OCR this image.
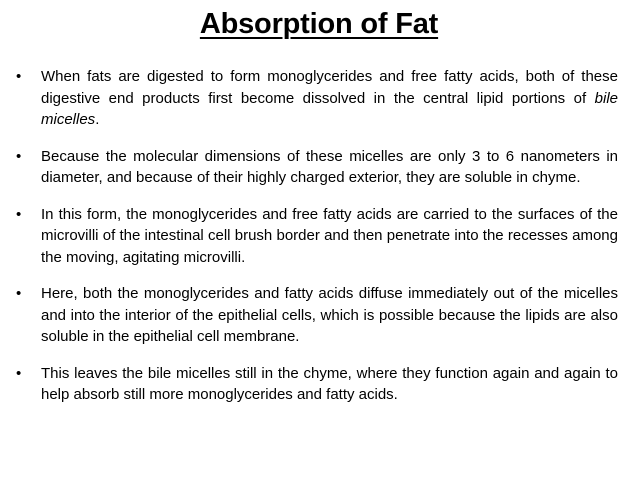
Absorption of Fat
•	When fats are digested to form monoglycerides and free fatty acids, both of these digestive end products first become dissolved in the central lipid portions of bile micelles.
•	Because the molecular dimensions of these micelles are only 3 to 6 nanometers in diameter, and because of their highly charged exterior, they are soluble in chyme.
•	In this form, the monoglycerides and free fatty acids are carried to the surfaces of the microvilli of the intestinal cell brush border and then penetrate into the recesses among the moving, agitating microvilli.
•	Here, both the monoglycerides and fatty acids diffuse immediately out of the micelles and into the interior of the epithelial cells, which is possible because the lipids are also soluble in the epithelial cell membrane.
•	This leaves the bile micelles still in the chyme, where they function again and again to help absorb still more monoglycerides and fatty acids.
